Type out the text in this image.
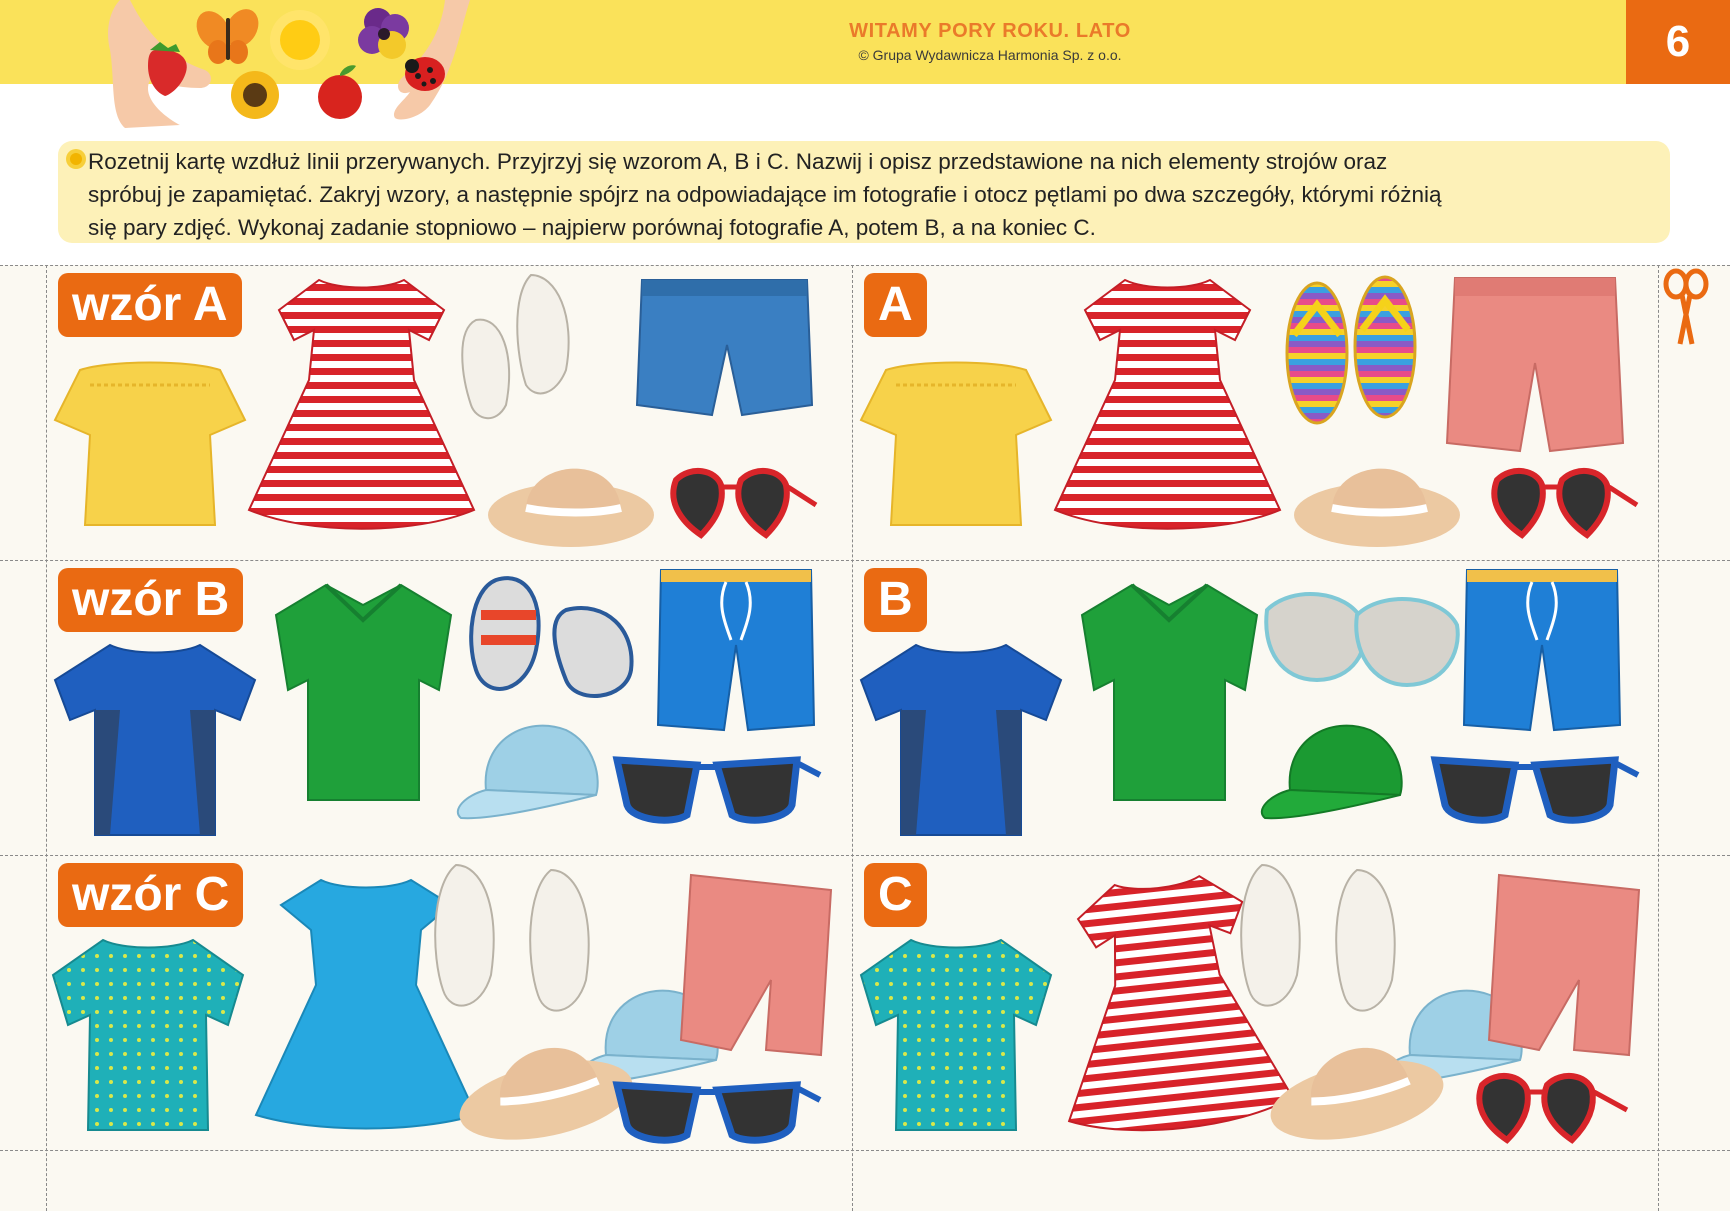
WITAMY PORY ROKU. LATO
© Grupa Wydawnicza Harmonia Sp. z o.o.	6
Rozetnij kartę wzdłuż linii przerywanych. Przyjrzyj się wzorom A, B i C. Nazwij i opisz przedstawione na nich elementy strojów oraz
spróbuj je zapamiętać. Zakryj wzory, a następnie spójrz na odpowiadające im fotografie i otocz pętlami po dwa szczegóły, którymi różnią
się pary zdjęć. Wykonaj zadanie stopniowo – najpierw porównaj fotografie A, potem B, a na koniec C.
wzór A	A
wzór B	B
wzór C	C
